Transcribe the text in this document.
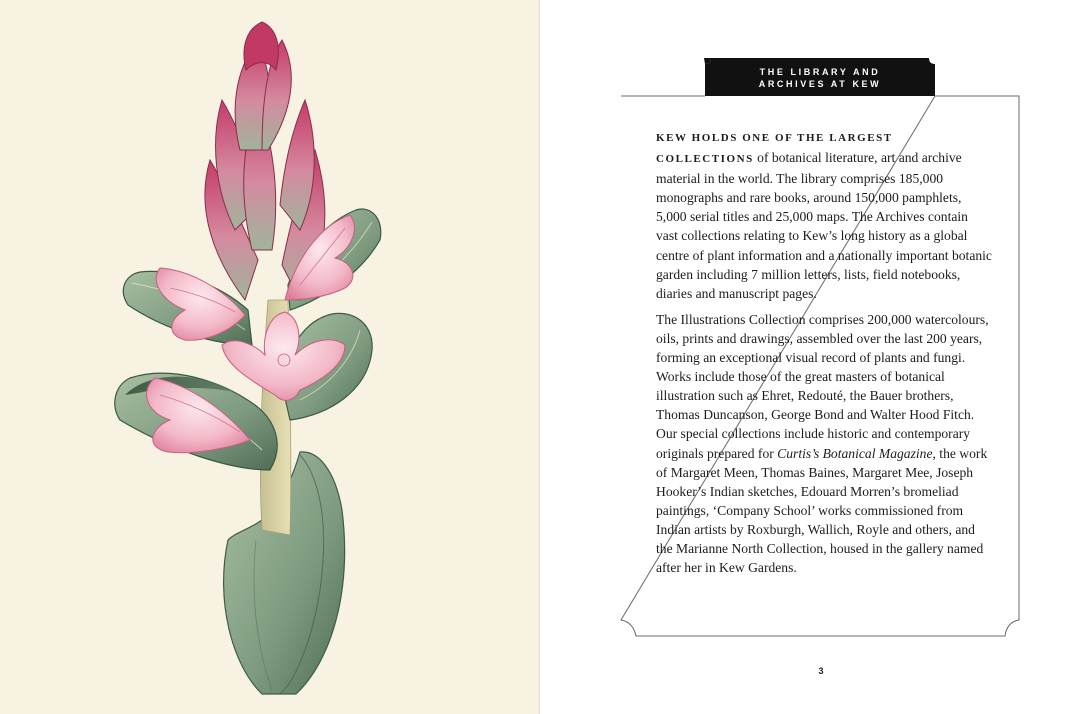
THE LIBRARY AND
ARCHIVES AT KEW

KEW HOLDS ONE OF THE LARGEST COLLECTIONS of botanical literature, art and archive material in the world. The library comprises 185,000 monographs and rare books, around 150,000 pamphlets, 5,000 serial titles and 25,000 maps. The Archives contain vast collections relating to Kew’s long history as a global centre of plant information and a nationally important botanic garden including 7 million letters, lists, field notebooks, diaries and manuscript pages.

The Illustrations Collection comprises 200,000 watercolours, oils, prints and drawings, assembled over the last 200 years, forming an exceptional visual record of plants and fungi. Works include those of the great masters of botanical illustration such as Ehret, Redouté, the Bauer brothers, Thomas Duncanson, George Bond and Walter Hood Fitch. Our special collections include historic and contemporary originals prepared for Curtis’s Botanical Magazine, the work of Margaret Meen, Thomas Baines, Margaret Mee, Joseph Hooker’s Indian sketches, Edouard Morren’s bromeliad paintings, ‘Company School’ works commissioned from Indian artists by Roxburgh, Wallich, Royle and others, and the Marianne North Collection, housed in the gallery named after her in Kew Gardens.

3
